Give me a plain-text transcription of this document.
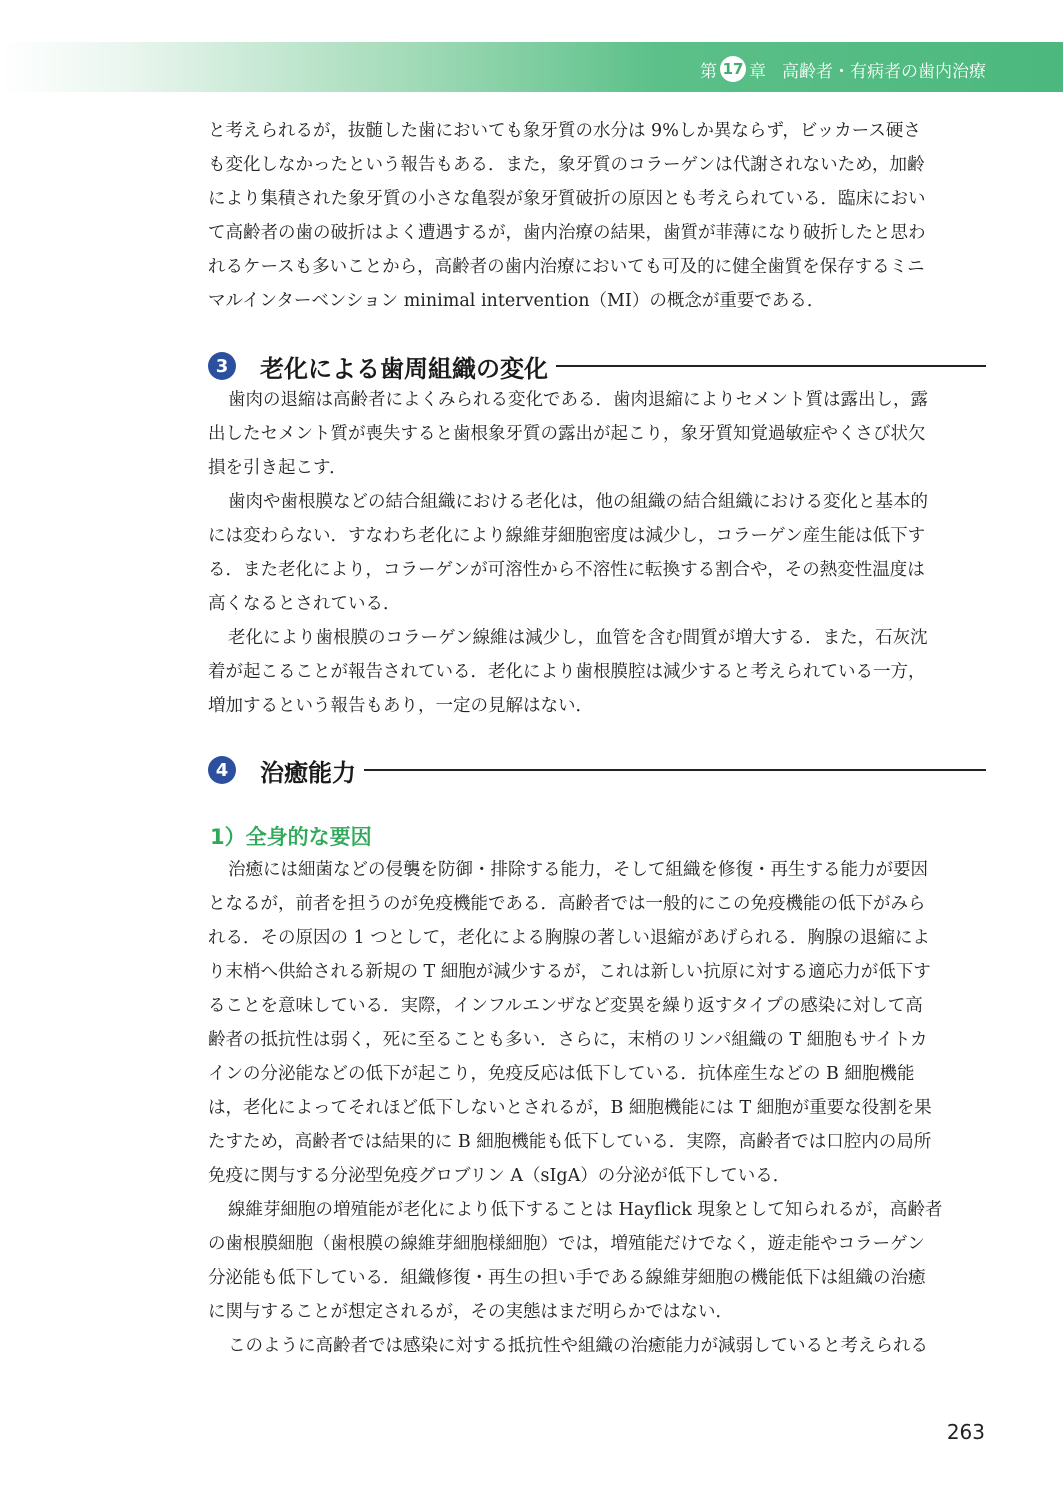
第 17 章 高齢者・有病者の歯内治療
と考えられるが，抜髄した歯においても象牙質の水分は 9%しか異ならず，ビッカース硬さ
も変化しなかったという報告もある．また，象牙質のコラーゲンは代謝されないため，加齢
により集積された象牙質の小さな亀裂が象牙質破折の原因とも考えられている．臨床におい
て高齢者の歯の破折はよく遭遇するが，歯内治療の結果，歯質が菲薄になり破折したと思わ
れるケースも多いことから，高齢者の歯内治療においても可及的に健全歯質を保存するミニ
マルインターベンション minimal intervention（MI）の概念が重要である．
3	老化による歯周組織の変化
歯肉の退縮は高齢者によくみられる変化である．歯肉退縮によりセメント質は露出し，露
出したセメント質が喪失すると歯根象牙質の露出が起こり，象牙質知覚過敏症やくさび状欠
損を引き起こす．
歯肉や歯根膜などの結合組織における老化は，他の組織の結合組織における変化と基本的
には変わらない．すなわち老化により線維芽細胞密度は減少し，コラーゲン産生能は低下す
る．また老化により，コラーゲンが可溶性から不溶性に転換する割合や，その熱変性温度は
高くなるとされている．
老化により歯根膜のコラーゲン線維は減少し，血管を含む間質が増大する．また，石灰沈
着が起こることが報告されている．老化により歯根膜腔は減少すると考えられている一方，
増加するという報告もあり，一定の見解はない．
4	治癒能力
1）全身的な要因
治癒には細菌などの侵襲を防御・排除する能力，そして組織を修復・再生する能力が要因
となるが，前者を担うのが免疫機能である．高齢者では一般的にこの免疫機能の低下がみら
れる．その原因の 1 つとして，老化による胸腺の著しい退縮があげられる．胸腺の退縮によ
り末梢へ供給される新規の T 細胞が減少するが，これは新しい抗原に対する適応力が低下す
ることを意味している．実際，インフルエンザなど変異を繰り返すタイプの感染に対して高
齢者の抵抗性は弱く，死に至ることも多い．さらに，末梢のリンパ組織の T 細胞もサイトカ
インの分泌能などの低下が起こり，免疫反応は低下している．抗体産生などの B 細胞機能
は，老化によってそれほど低下しないとされるが，B 細胞機能には T 細胞が重要な役割を果
たすため，高齢者では結果的に B 細胞機能も低下している．実際，高齢者では口腔内の局所
免疫に関与する分泌型免疫グロブリン A（sIgA）の分泌が低下している．
線維芽細胞の増殖能が老化により低下することは Hayflick 現象として知られるが，高齢者
の歯根膜細胞（歯根膜の線維芽細胞様細胞）では，増殖能だけでなく，遊走能やコラーゲン
分泌能も低下している．組織修復・再生の担い手である線維芽細胞の機能低下は組織の治癒
に関与することが想定されるが，その実態はまだ明らかではない．
このように高齢者では感染に対する抵抗性や組織の治癒能力が減弱していると考えられる
263
